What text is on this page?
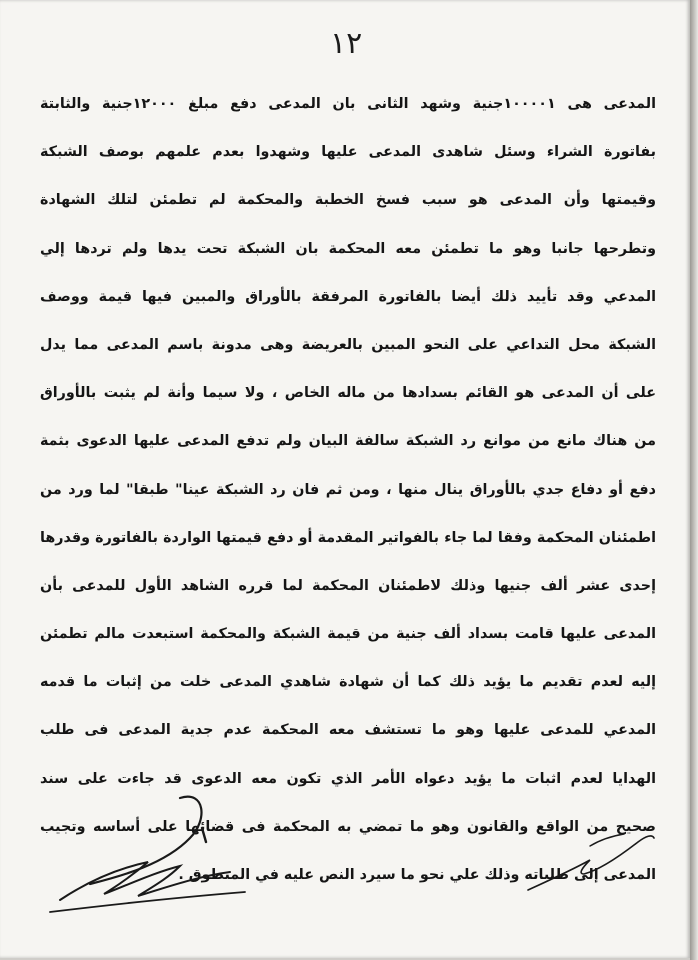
١٢
المدعى هى ١٠٠٠٠١جنية وشهد الثانى بان المدعى دفع مبلغ ١٢٠٠٠جنية والثابتة
بفاتورة الشراء وسئل شاهدى المدعى عليها وشهدوا بعدم علمهم بوصف الشبكة
وقيمتها وأن المدعى هو سبب فسخ الخطبة والمحكمة لم تطمئن لتلك الشهادة
وتطرحها جانبا وهو ما تطمئن معه المحكمة بان الشبكة تحت يدها ولم تردها إلي
المدعي وقد تأييد ذلك أيضا بالفاتورة المرفقة بالأوراق والمبين فيها قيمة ووصف
الشبكة محل التداعي على النحو المبين بالعريضة وهى مدونة باسم المدعى مما يدل
على أن المدعى هو القائم بسدادها من ماله الخاص ، ولا سيما وأنة لم يثبت بالأوراق
من هناك مانع من موانع رد الشبكة سالفة البيان ولم تدفع المدعى عليها الدعوى بثمة
دفع أو دفاع جدي بالأوراق ينال منها ، ومن ثم فان رد الشبكة عينا" طبقا" لما ورد من
اطمئنان المحكمة وفقا لما جاء بالفواتير المقدمة أو دفع قيمتها الواردة بالفاتورة وقدرها
إحدى عشر ألف جنيها وذلك لاطمئنان المحكمة لما قرره الشاهد الأول للمدعى بأن
المدعى عليها قامت بسداد ألف جنية من قيمة الشبكة والمحكمة استبعدت مالم تطمئن
إليه لعدم تقديم ما يؤيد ذلك كما أن شهادة شاهدي المدعى خلت من إثبات ما قدمه
المدعي للمدعى عليها وهو ما تستشف معه المحكمة عدم جدية المدعى فى طلب
الهدايا لعدم اثبات ما يؤيد دعواه الأمر الذي تكون معه الدعوى قد جاءت على سند
صحيح من الواقع والقانون وهو ما تمضي به المحكمة فى قضائها على أساسه وتجيب
المدعى إلى طلباته وذلك علي نحو ما سيرد النص عليه في المنطوق .
